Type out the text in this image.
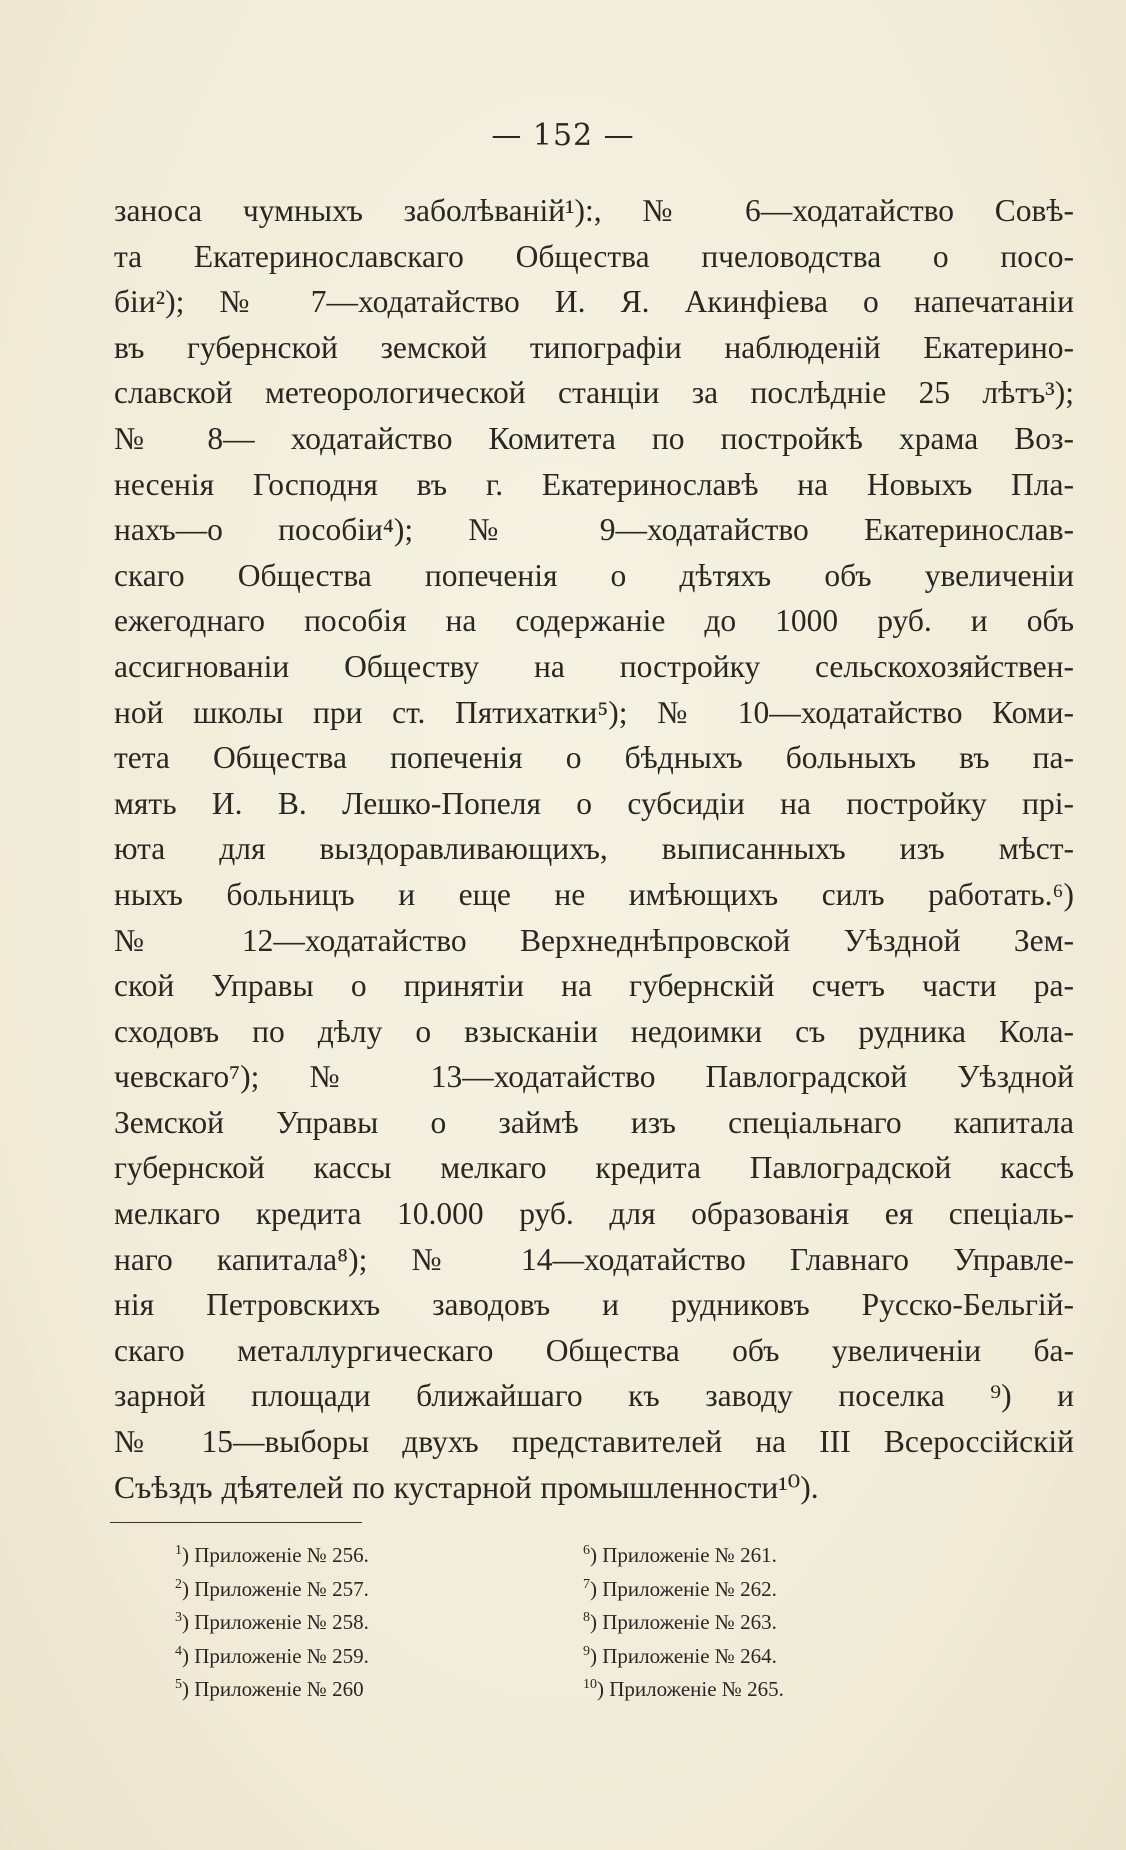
— 152 —
заноса чумныхъ заболѣваній¹):, № 6—ходатайство Совѣ-
та Екатеринославскаго Общества пчеловодства о посо-
біи²); № 7—ходатайство И. Я. Акинфіева о напечатаніи
въ губернской земской типографіи наблюденій Екатерино-
славской метеорологической станціи за послѣдніе 25 лѣтъ³);
№ 8— ходатайство Комитета по постройкѣ храма Воз-
несенія Господня въ г. Екатеринославѣ на Новыхъ Пла-
нахъ—о пособіи⁴); № 9—ходатайство Екатеринослав-
скаго Общества попеченія о дѣтяхъ объ увеличеніи
ежегоднаго пособія на содержаніе до 1000 руб. и объ
ассигнованіи Обществу на постройку сельскохозяйствен-
ной школы при ст. Пятихатки⁵); № 10—ходатайство Коми-
тета Общества попеченія о бѣдныхъ больныхъ въ па-
мять И. В. Лешко-Попеля о субсидіи на постройку прі-
юта для выздоравливающихъ, выписанныхъ изъ мѣст-
ныхъ больницъ и еще не имѣющихъ силъ работать.⁶)
№ 12—ходатайство Верхнеднѣпровской Уѣздной Зем-
ской Управы о принятіи на губернскій счетъ части ра-
сходовъ по дѣлу о взысканіи недоимки съ рудника Кола-
чевскаго⁷); № 13—ходатайство Павлоградской Уѣздной
Земской Управы о займѣ изъ спеціальнаго капитала
губернской кассы мелкаго кредита Павлоградской кассѣ
мелкаго кредита 10.000 руб. для образованія ея спеціаль-
наго капитала⁸); № 14—ходатайство Главнаго Управле-
нія Петровскихъ заводовъ и рудниковъ Русско-Бельгій-
скаго металлургическаго Общества объ увеличеніи ба-
зарной площади ближайшаго къ заводу поселка ⁹) и
№ 15—выборы двухъ представителей на III Всероссійскій
Съѣздъ дѣятелей по кустарной промышленности¹⁰).
$^1$) Приложеніе № 256.
$^2$) Приложеніе № 257.
$^3$) Приложеніе № 258.
$^4$) Приложеніе № 259.
$^5$) Приложеніе № 260
$^6$) Приложеніе № 261.
$^7$) Приложеніе № 262.
$^8$) Приложеніе № 263.
$^9$) Приложеніе № 264.
$^{10}$) Приложеніе № 265.
